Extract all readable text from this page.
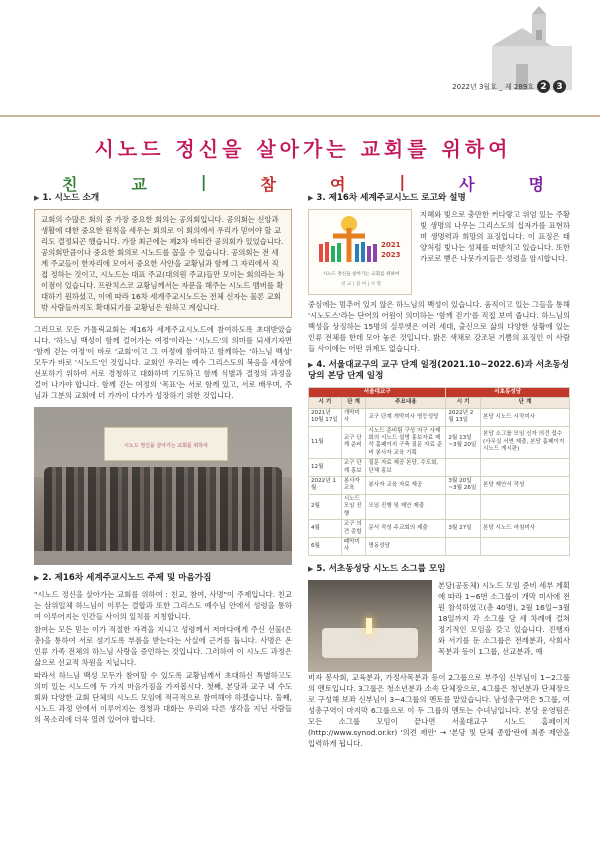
2022년 3월호 _ 제 289호 2	3
시노드 정신을 살아가는 교회를 위하여
친	교	|	참	여	|	사	명
▶ 1. 시노드 소개
교회의 수많은 회의 중 가장 중요한 회의는 공의회입니다. 공의회는 신앙과 생활에 대한 중요한 원칙을 세우는 회의로 이 회의에서 우리가 믿어야 할 교리도 결정되곤 했습니다. 가장 최근에는 제2차 바티칸 공의회가 있었습니다. 공의회만큼이나 중요한 회의로 시노드를 꼽을 수 있습니다. 공의회는 전 세계 주교들이 한자리에 모여서 중요한 사안을 교황님과 함께 그 자리에서 직접 정하는 것이고, 시노드는 대표 주교(대의원 주교)들만 모이는 회의라는 차이점이 있습니다. 프란치스코 교황님께서는 자문을 해주는 시노드 멤버를 확대하기 원하셨고, 이에 따라 16차 세계주교시노드는 전체 신자는 물론 교회 밖 사람들까지도 확대되기를 교황님은 원하고 계십니다.
그러므로 모든 가톨릭교회는 제16차 세계주교시노드에 참여하도록 초대받았습니다. '하느님 백성이 함께 걸어가는 여정'이라는 '시노드'의 의미를 되새기자면 '함께 걷는 여정'이 바로 '교회'이고 그 여정에 참여하고 함께하는 '하느님 백성' 모두가 바로 '시노드'인 것입니다. 교회인 우리는 예수 그리스도의 복음을 세상에 선포하기 위하여 서로 경청하고 대화하며 기도하고 함께 식별과 결정의 과정을 걸어 나가야 합니다. 함께 걷는 여정의 '목표'는 서로 함께 있고, 서로 배우며, 주님과 그분의 교회에 더 가까이 다가가 성장하기 위한 것입니다.
시노드 정신을 살아가는 교회를 위하여
▶ 2. 제16차 세계주교시노드 주제 및 마음가짐
"시노드 정신을 살아가는 교회를 위하여 : 친교, 참여, 사명"이 주제입니다. 친교는 삼위일체 하느님이 이루는 결합과 또한 그리스도 예수님 안에서 성령을 통하여 이루어지는 인간들 사이의 일치를 지칭합니다.
참여는 모든 믿는 이가 적절한 자격을 지니고 성령께서 저마다에게 주신 선물(은총)을 통하여 서로 섬기도록 부름을 받는다는 사실에 근거를 둡니다. 사명은 온 인류 가족 전체의 하느님 사랑을 증언하는 것입니다. 그러하여 이 시노드 과정은 삶으로 선교적 차원을 지닙니다.
따라서 하느님 백성 모두가 참여할 수 있도록 교황님께서 초대하신 특별하고도 의미 있는 시노드에 두 가지 마음가짐을 가져봅시다. 첫째, 본당과 교구 내 수도회와 다양한 교회 단체의 시노드 모임에 적극적으로 참여해야 하겠습니다. 둘째, 시노드 과정 안에서 이루어지는 경청과 대화는 우리와 다른 생각을 지닌 사람들의 목소리에 더욱 열려 있어야 합니다.
▶ 3. 제16차 세계주교시노드 로고와 설명
2021
2023
시노드 정신을 살아가는 교회를 위하여
친 교 | 참 여 | 사 명
지혜와 빛으로 충만한 커다랗고 위엄 있는 주황빛 생명의 나무는 그리스도의 십자가를 표현하며 생명력과 희망의 표징입니다. 이 표징은 태양처럼 빛나는 성체를 떠받치고 있습니다. 또한 가로로 뻗은 나뭇가지들은 성령을 암시합니다.
중심에는 멈추어 있지 않은 하느님의 백성이 있습니다. 움직이고 있는 그들을 통해 '시노도스'라는 단어의 어원이 의미하는 '함께 걷기'를 직접 보여 줍니다. 하느님의 백성을 상징하는 15명의 실루엣은 여러 세대, 출신으로 삶의 다양한 상황에 있는 인류 전체를 한데 모아 놓은 것입니다. 밝은 색채로 강조된 기쁨의 표징인 이 사람들 사이에는 어떤 위계도 없습니다.
▶ 4. 서울대교구의 교구 단계 일정(2021.10~2022.6)과 서초동성당의 본당 단계 일정
서울대교구			서초동성당	
시 기	단 계	주요내용	시 기	단 계
2021년 10월 17일	개막미사	교구 단계 개막미사 영등성당	2022년 2월 13일	본당 시노드 시작미사
11월	교구 단계 준비	시노드 준비팀 구성 지구 사제회의 시노드 설명 홍보자료 제작 홈페이지 구축 질문 자료 준비 봉사자 교육 기획	2월 13일 ~3월 20일	본당 소그룹 모임 신자 의견 접수 (사무실 서면 제출, 본당 홈페이지 시노드 게시판)
12월	교구 단계 홍보	질문 자료 제공 본당, 수도회, 단체 홍보		
2022년 1월	봉사자 교육	봉사자 교육 자료 제공	3월 20일 ~3월 26일	본당 제안서 작성
2월	시노드 모임 진행	모임 진행 및 제안 제출		
4월	교구 의견 종합	문서 작성 주교회의 제출	3월 27일	본당 시노드 마침미사
6월	폐막미사	명동성당		
▶ 5. 서초동성당 시노드 소그룹 모임
본당(공동체) 시노드 모임 준비 세부 계획에 따라 1~6번 소그룹이 개막 미사에 전원 참석하였고(총 40명), 2월 16일~3월 18일까지 각 소그룹 당 세 차례에 걸쳐 정기적인 모임을 갖고 있습니다. 진행자와 서기를 둔 소그룹은 전례분과, 사회사목분과 등이 1그룹, 선교분과, 예
비자 봉사회, 교육분과, 가정사목분과 등이 2그룹으로 부주임 신부님이 1~2그룹의 멘토입니다. 3그룹은 청소년분과 소속 단체장으로, 4그룹은 청년분과 단체장으로 구성해 보좌 신부님이 3~4그룹의 멘토를 맡았습니다. 남성총구역은 5그룹, 여성총구역이 마지막 6그룹으로 이 두 그룹의 멘토는 수녀님입니다. 본당 운영팀은 모든 소그룹 모임이 끝나면 서울대교구 시노드 홈페이지(http://www.synod.or.kr) '의견 제안' → '본당 및 단체 종합'란에 최종 제안을 입력하게 됩니다.
